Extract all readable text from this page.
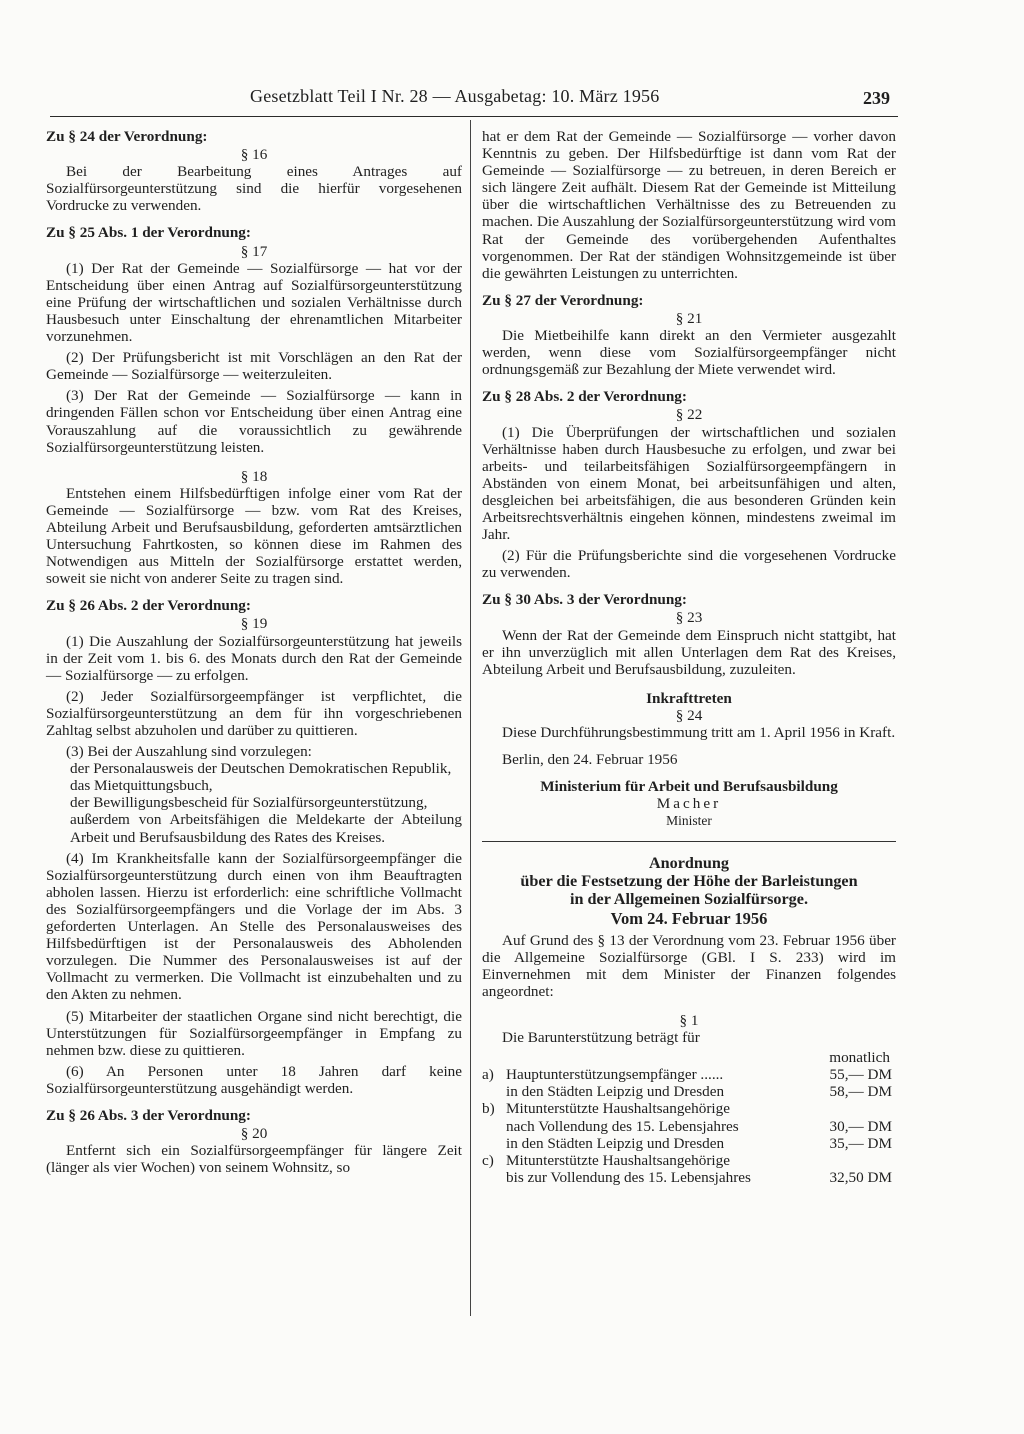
Gesetzblatt Teil I Nr. 28 — Ausgabetag: 10. März 1956	239

Zu § 24 der Verordnung:

§ 16

Bei der Bearbeitung eines Antrages auf Sozialfürsorgeunterstützung sind die hierfür vorgesehenen Vordrucke zu verwenden.

Zu § 25 Abs. 1 der Verordnung:

§ 17

(1) Der Rat der Gemeinde — Sozialfürsorge — hat vor der Entscheidung über einen Antrag auf Sozialfürsorgeunterstützung eine Prüfung der wirtschaftlichen und sozialen Verhältnisse durch Hausbesuch unter Einschaltung der ehrenamtlichen Mitarbeiter vorzunehmen.

(2) Der Prüfungsbericht ist mit Vorschlägen an den Rat der Gemeinde — Sozialfürsorge — weiterzuleiten.

(3) Der Rat der Gemeinde — Sozialfürsorge — kann in dringenden Fällen schon vor Entscheidung über einen Antrag eine Vorauszahlung auf die voraussichtlich zu gewährende Sozialfürsorgeunterstützung leisten.

§ 18

Entstehen einem Hilfsbedürftigen infolge einer vom Rat der Gemeinde — Sozialfürsorge — bzw. vom Rat des Kreises, Abteilung Arbeit und Berufsausbildung, geforderten amtsärztlichen Untersuchung Fahrtkosten, so können diese im Rahmen des Notwendigen aus Mitteln der Sozialfürsorge erstattet werden, soweit sie nicht von anderer Seite zu tragen sind.

Zu § 26 Abs. 2 der Verordnung:

§ 19

(1) Die Auszahlung der Sozialfürsorgeunterstützung hat jeweils in der Zeit vom 1. bis 6. des Monats durch den Rat der Gemeinde — Sozialfürsorge — zu erfolgen.

(2) Jeder Sozialfürsorgeempfänger ist verpflichtet, die Sozialfürsorgeunterstützung an dem für ihn vorgeschriebenen Zahltag selbst abzuholen und darüber zu quittieren.

(3) Bei der Auszahlung sind vorzulegen:

der Personalausweis der Deutschen Demokratischen Republik,

das Mietquittungsbuch,

der Bewilligungsbescheid für Sozialfürsorgeunterstützung,

außerdem von Arbeitsfähigen die Meldekarte der Abteilung Arbeit und Berufsausbildung des Rates des Kreises.

(4) Im Krankheitsfalle kann der Sozialfürsorgeempfänger die Sozialfürsorgeunterstützung durch einen von ihm Beauftragten abholen lassen. Hierzu ist erforderlich: eine schriftliche Vollmacht des Sozialfürsorgeempfängers und die Vorlage der im Abs. 3 geforderten Unterlagen. An Stelle des Personalausweises des Hilfsbedürftigen ist der Personalausweis des Abholenden vorzulegen. Die Nummer des Personalausweises ist auf der Vollmacht zu vermerken. Die Vollmacht ist einzubehalten und zu den Akten zu nehmen.

(5) Mitarbeiter der staatlichen Organe sind nicht berechtigt, die Unterstützungen für Sozialfürsorgeempfänger in Empfang zu nehmen bzw. diese zu quittieren.

(6) An Personen unter 18 Jahren darf keine Sozialfürsorgeunterstützung ausgehändigt werden.

Zu § 26 Abs. 3 der Verordnung:

§ 20

Entfernt sich ein Sozialfürsorgeempfänger für längere Zeit (länger als vier Wochen) von seinem Wohnsitz, so

hat er dem Rat der Gemeinde — Sozialfürsorge — vorher davon Kenntnis zu geben. Der Hilfsbedürftige ist dann vom Rat der Gemeinde — Sozialfürsorge — zu betreuen, in deren Bereich er sich längere Zeit aufhält. Diesem Rat der Gemeinde ist Mitteilung über die wirtschaftlichen Verhältnisse des zu Betreuenden zu machen. Die Auszahlung der Sozialfürsorgeunterstützung wird vom Rat der Gemeinde des vorübergehenden Aufenthaltes vorgenommen. Der Rat der ständigen Wohnsitzgemeinde ist über die gewährten Leistungen zu unterrichten.

Zu § 27 der Verordnung:

§ 21

Die Mietbeihilfe kann direkt an den Vermieter ausgezahlt werden, wenn diese vom Sozialfürsorgeempfänger nicht ordnungsgemäß zur Bezahlung der Miete verwendet wird.

Zu § 28 Abs. 2 der Verordnung:

§ 22

(1) Die Überprüfungen der wirtschaftlichen und sozialen Verhältnisse haben durch Hausbesuche zu erfolgen, und zwar bei arbeits- und teilarbeitsfähigen Sozialfürsorgeempfängern in Abständen von einem Monat, bei arbeitsunfähigen und alten, desgleichen bei arbeitsfähigen, die aus besonderen Gründen kein Arbeitsrechtsverhältnis eingehen können, mindestens zweimal im Jahr.

(2) Für die Prüfungsberichte sind die vorgesehenen Vordrucke zu verwenden.

Zu § 30 Abs. 3 der Verordnung:

§ 23

Wenn der Rat der Gemeinde dem Einspruch nicht stattgibt, hat er ihn unverzüglich mit allen Unterlagen dem Rat des Kreises, Abteilung Arbeit und Berufsausbildung, zuzuleiten.

Inkrafttreten

§ 24

Diese Durchführungsbestimmung tritt am 1. April 1956 in Kraft.

Berlin, den 24. Februar 1956

Ministerium für Arbeit und Berufsausbildung

Macher

Minister

Anordnung

über die Festsetzung der Höhe der Barleistungen

in der Allgemeinen Sozialfürsorge.

Vom 24. Februar 1956

Auf Grund des § 13 der Verordnung vom 23. Februar 1956 über die Allgemeine Sozialfürsorge (GBl. I S. 233) wird im Einvernehmen mit dem Minister der Finanzen folgendes angeordnet:

§ 1

Die Barunterstützung beträgt für

monatlich

a) Hauptunterstützungsempfänger ......	55,— DM
in den Städten Leipzig und Dresden	58,— DM
b) Mitunterstützte Haushaltsangehörige
nach Vollendung des 15. Lebensjahres	30,— DM
in den Städten Leipzig und Dresden	35,— DM
c) Mitunterstützte Haushaltsangehörige
bis zur Vollendung des 15. Lebensjahres	32,50 DM
